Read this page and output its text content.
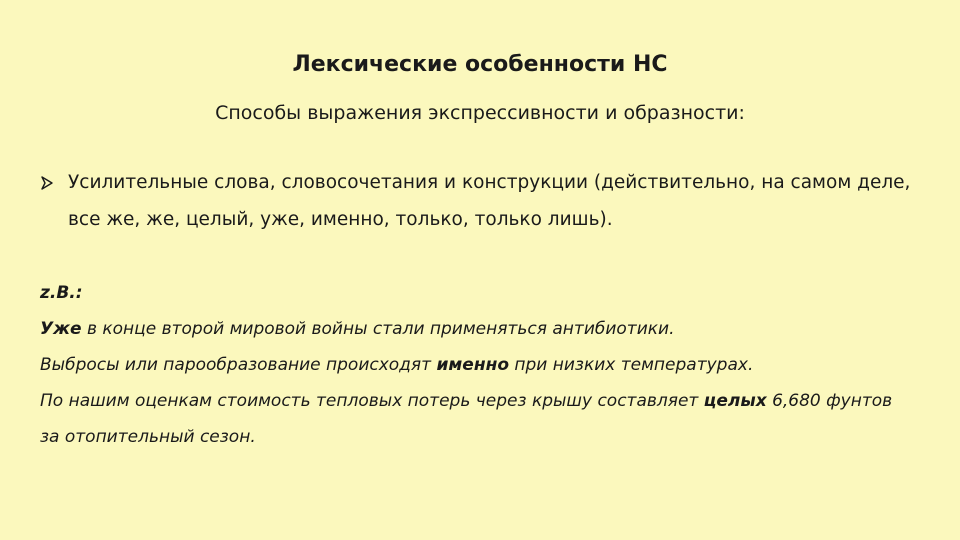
Лексические особенности НС
Способы выражения экспрессивности и образности:
Усилительные слова, словосочетания и конструкции (действительно, на самом деле, все же, же, целый, уже, именно, только, только лишь).
z.B.:
Уже в конце второй мировой войны стали применяться антибиотики.
Выбросы или парообразование происходят именно при низких температурах.
По нашим оценкам стоимость тепловых потерь через крышу составляет целых 6,680 фунтов
за отопительный сезон.
